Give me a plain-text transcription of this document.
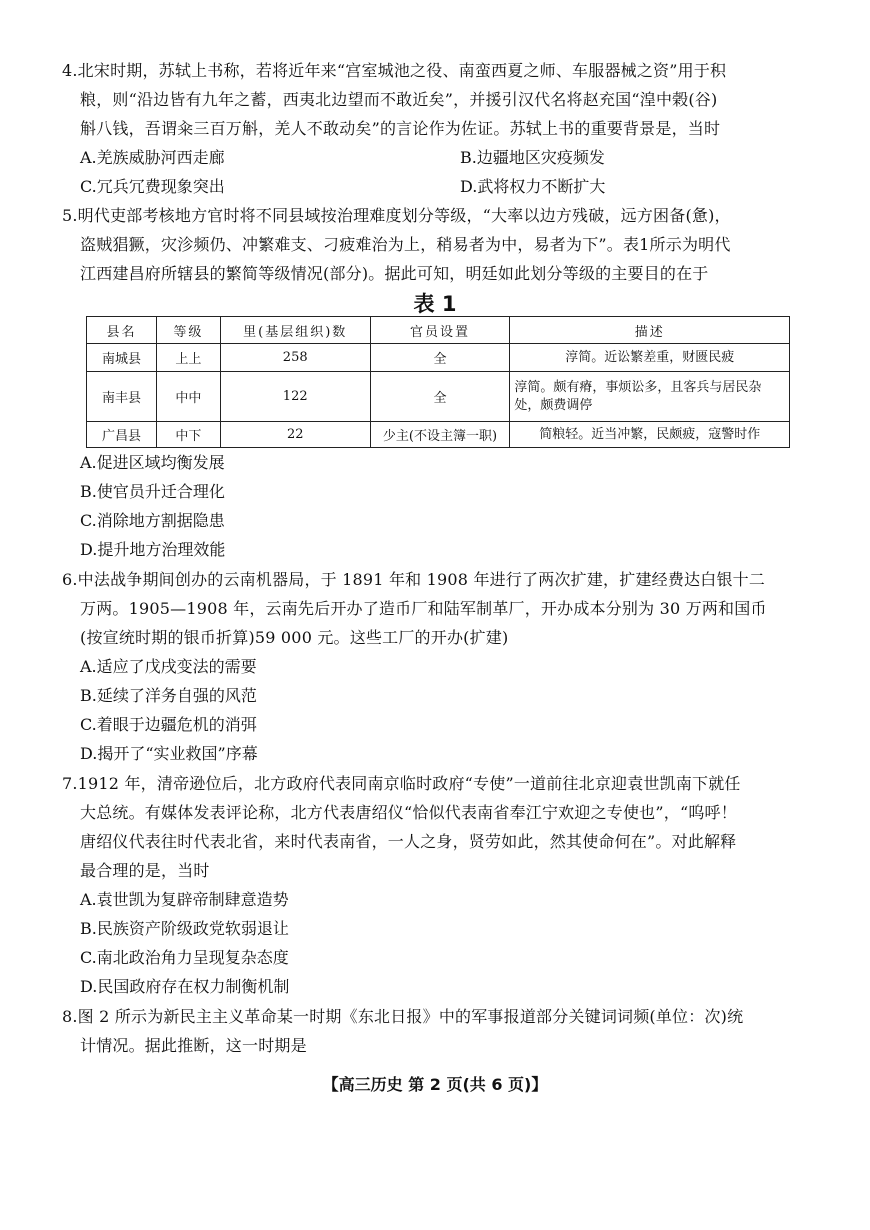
4.北宋时期，苏轼上书称，若将近年来“宫室城池之役、南蛮西夏之师、车服器械之资”用于积
粮，则“沿边皆有九年之蓄，西夷北边望而不敢近矣”，并援引汉代名将赵充国“湟中榖(谷)
斛八钱，吾谓籴三百万斛，羌人不敢动矣”的言论作为佐证。苏轼上书的重要背景是，当时
A.羌族威胁河西走廊	B.边疆地区灾疫频发
C.冗兵冗费现象突出	D.武将权力不断扩大
5.明代吏部考核地方官时将不同县域按治理难度划分等级，“大率以边方残破，远方困备(惫)，
盗贼猖獗，灾沴频仍、冲繁难支、刁疲难治为上，稍易者为中，易者为下”。表1所示为明代
江西建昌府所辖县的繁简等级情况(部分)。据此可知，明廷如此划分等级的主要目的在于
表 1
县名	等级	里(基层组织)数	官员设置	描述
南城县	上上	258	全	淳简。近讼繁差重，财匮民疲
南丰县	中中	122	全	淳简。颇有瘠，事烦讼多，且客兵与居民杂处，颇费调停
广昌县	中下	22	少主(不设主簿一职)	简粮轻。近当冲繁，民颇疲，寇警时作
A.促进区域均衡发展
B.使官员升迁合理化
C.消除地方割据隐患
D.提升地方治理效能
6.中法战争期间创办的云南机器局，于 1891 年和 1908 年进行了两次扩建，扩建经费达白银十二
万两。1905—1908 年，云南先后开办了造币厂和陆军制革厂，开办成本分别为 30 万两和国币
(按宣统时期的银币折算)59 000 元。这些工厂的开办(扩建)
A.适应了戊戌变法的需要
B.延续了洋务自强的风范
C.着眼于边疆危机的消弭
D.揭开了“实业救国”序幕
7.1912 年，清帝逊位后，北方政府代表同南京临时政府“专使”一道前往北京迎袁世凯南下就任
大总统。有媒体发表评论称，北方代表唐绍仪“恰似代表南省奉江宁欢迎之专使也”，“呜呼！
唐绍仪代表往时代表北省，来时代表南省，一人之身，贤劳如此，然其使命何在”。对此解释
最合理的是，当时
A.袁世凯为复辟帝制肆意造势
B.民族资产阶级政党软弱退让
C.南北政治角力呈现复杂态度
D.民国政府存在权力制衡机制
8.图 2 所示为新民主主义革命某一时期《东北日报》中的军事报道部分关键词词频(单位：次)统
计情况。据此推断，这一时期是
【高三历史 第 2 页(共 6 页)】
